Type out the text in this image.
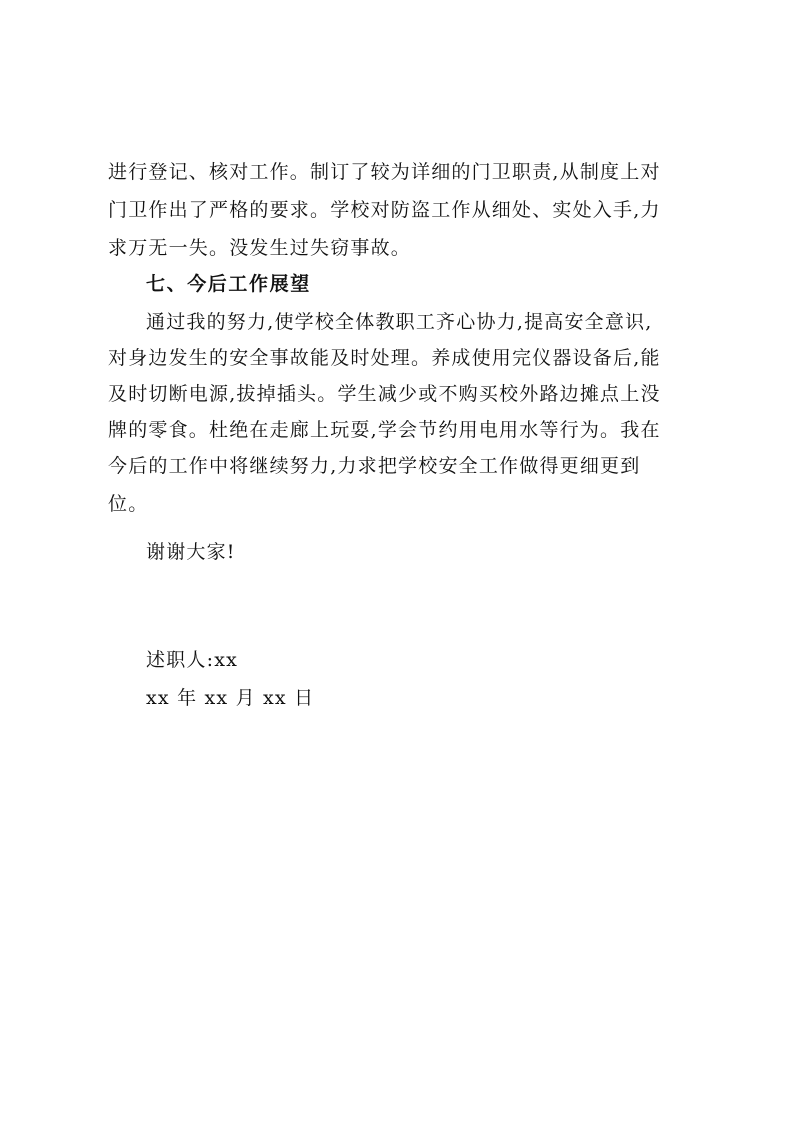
进行登记、核对工作。制订了较为详细的门卫职责,从制度上对
门卫作出了严格的要求。学校对防盗工作从细处、实处入手,力
求万无一失。没发生过失窃事故。
七、今后工作展望
通过我的努力,使学校全体教职工齐心协力,提高安全意识,
对身边发生的安全事故能及时处理。养成使用完仪器设备后,能
及时切断电源,拔掉插头。学生减少或不购买校外路边摊点上没
牌的零食。杜绝在走廊上玩耍,学会节约用电用水等行为。我在
今后的工作中将继续努力,力求把学校安全工作做得更细更到
位。
谢谢大家!
述职人:xx
xx 年 xx 月 xx 日
